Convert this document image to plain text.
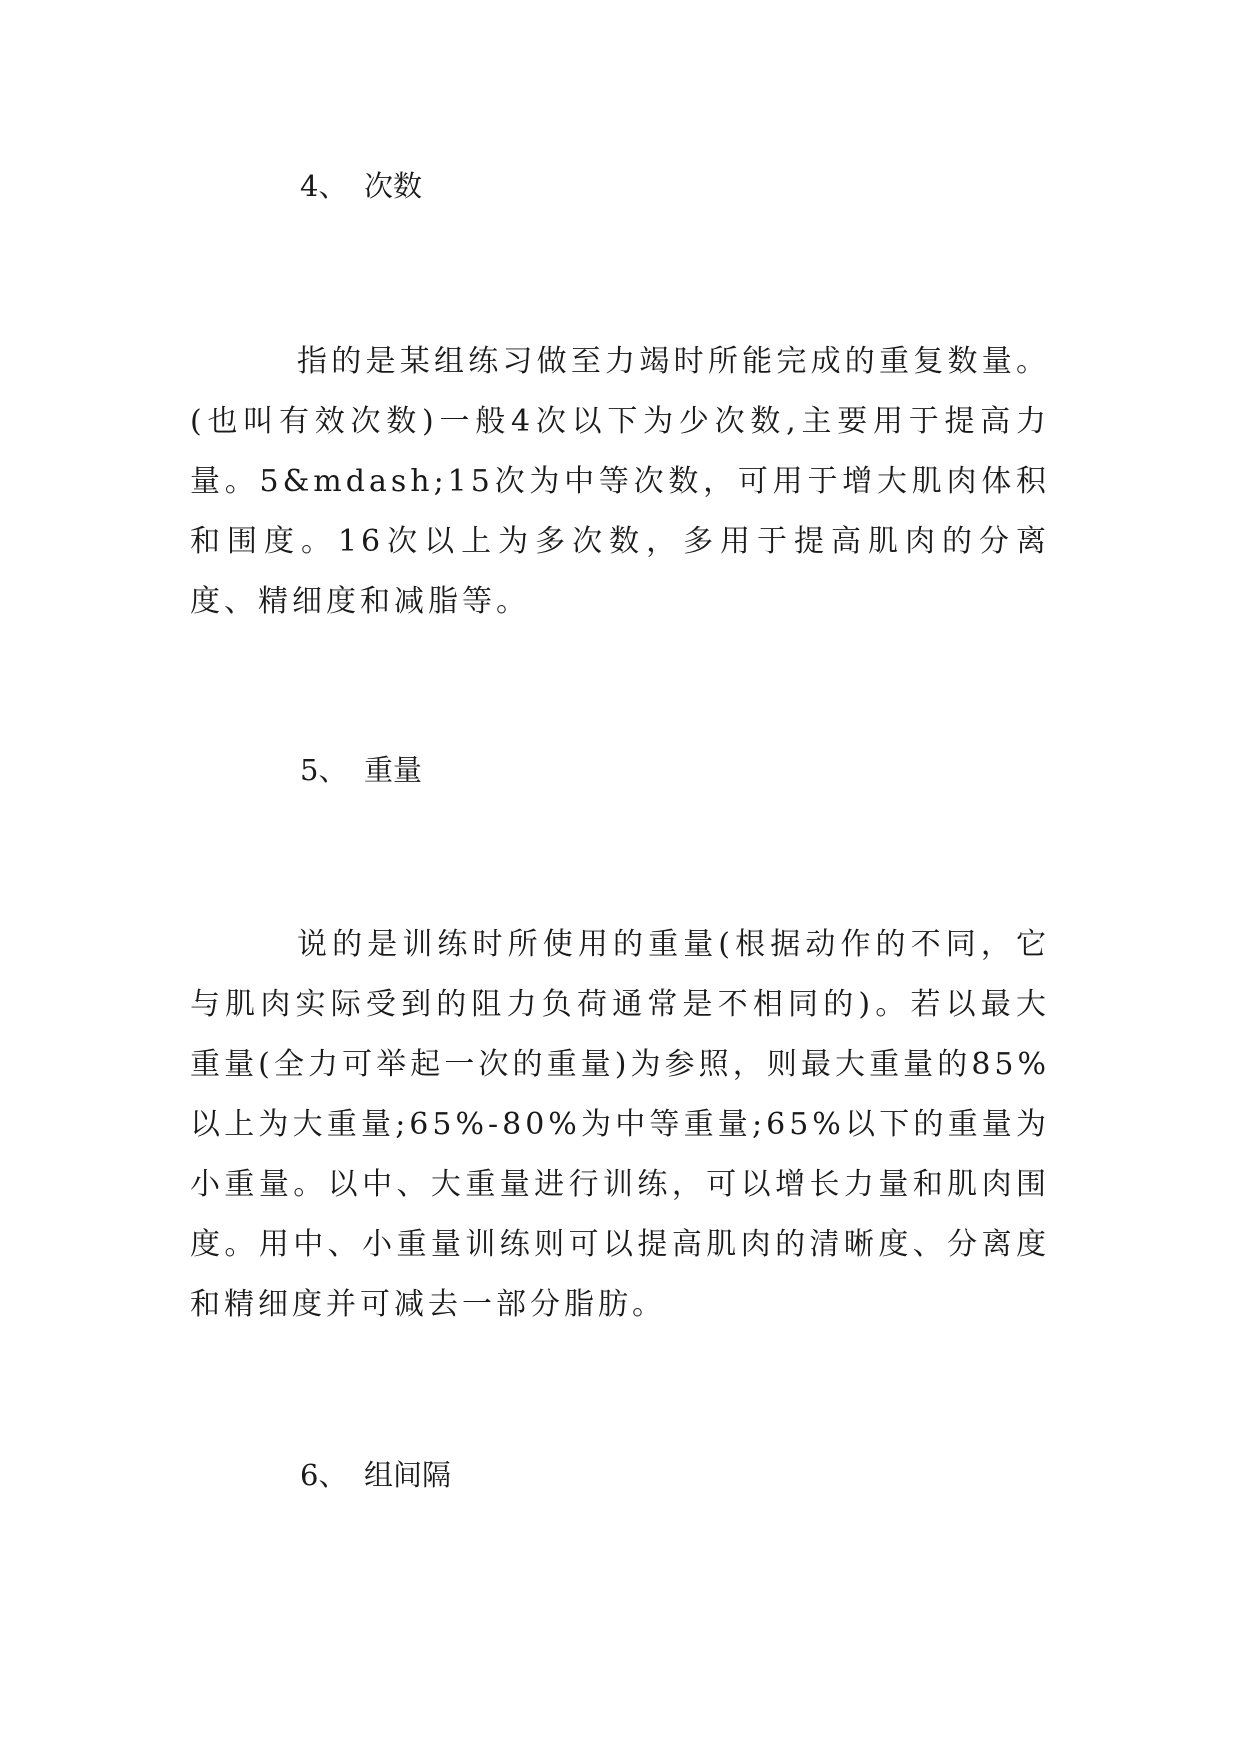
4、 次数

指的是某组练习做至力竭时所能完成的重复数量。(也叫有效次数)一般4次以下为少次数,主要用于提高力量。5&mdash;15次为中等次数，可用于增大肌肉体积和围度。16次以上为多次数，多用于提高肌肉的分离度、精细度和减脂等。

5、 重量

说的是训练时所使用的重量(根据动作的不同，它与肌肉实际受到的阻力负荷通常是不相同的)。若以最大重量(全力可举起一次的重量)为参照，则最大重量的85%以上为大重量;65%-80%为中等重量;65%以下的重量为小重量。以中、大重量进行训练，可以增长力量和肌肉围度。用中、小重量训练则可以提高肌肉的清晰度、分离度和精细度并可减去一部分脂肪。

6、 组间隔
